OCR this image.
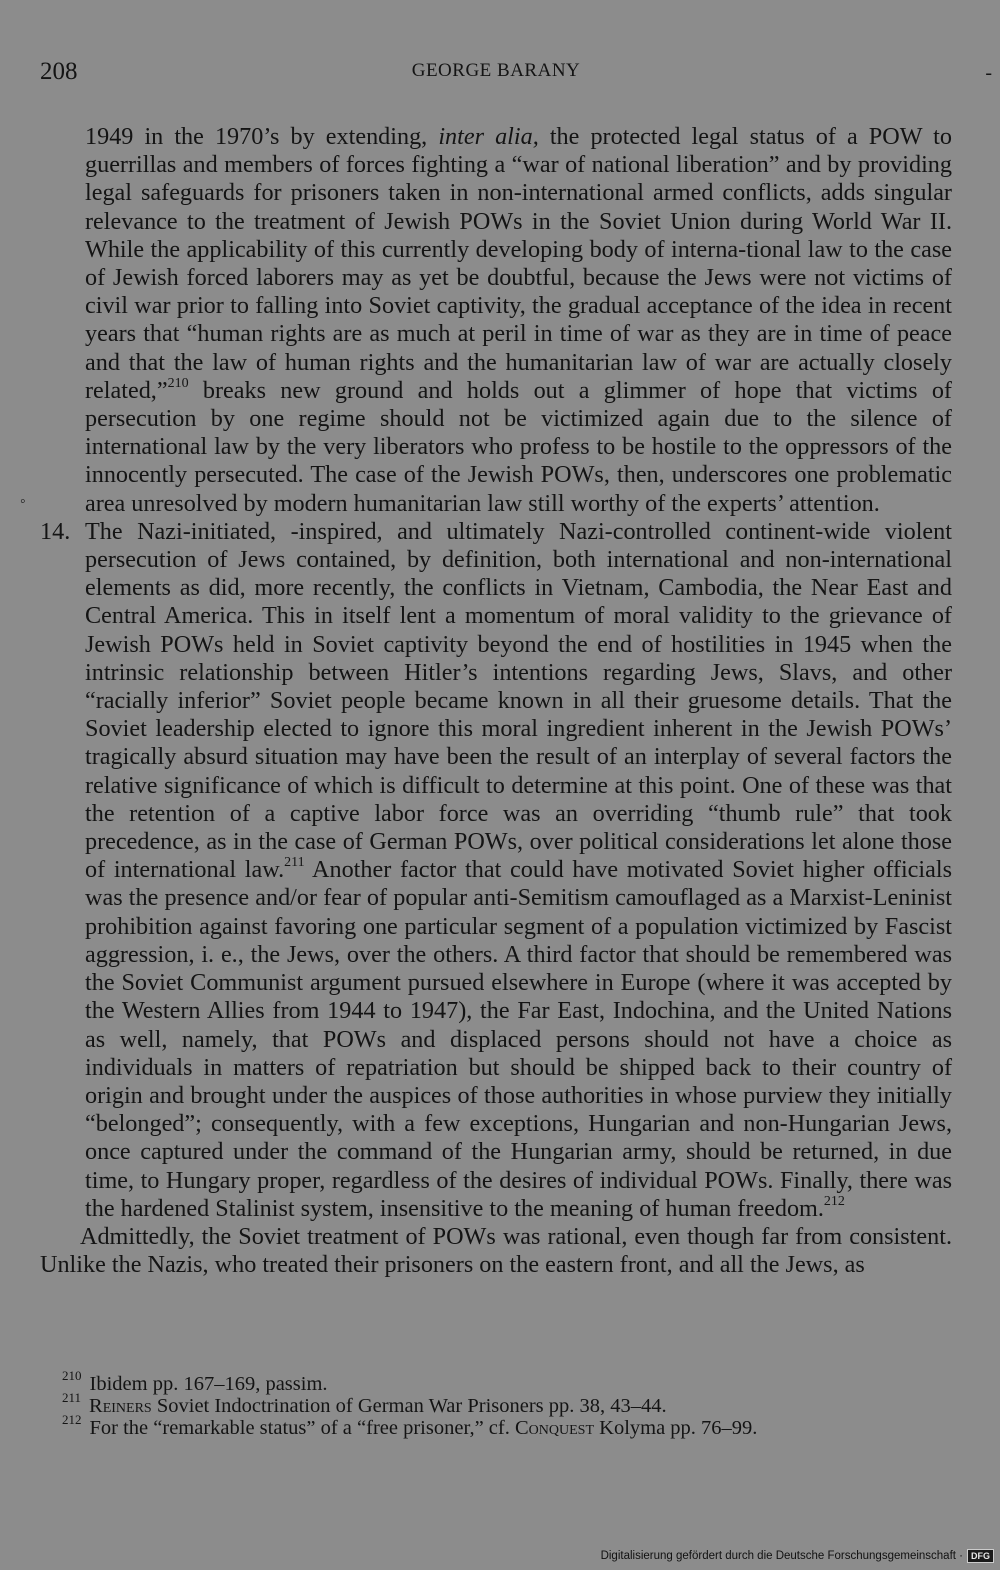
208	GEORGE BARANY	-
◦

1949 in the 1970’s by extending, inter alia, the protected legal status of a POW to guerrillas and members of forces fighting a “war of national liberation” and by providing legal safeguards for prisoners taken in non-international armed conflicts, adds singular relevance to the treatment of Jewish POWs in the Soviet Union during World War II. While the applicability of this currently developing body of interna-tional law to the case of Jewish forced laborers may as yet be doubtful, because the Jews were not victims of civil war prior to falling into Soviet captivity, the gradual acceptance of the idea in recent years that “human rights are as much at peril in time of war as they are in time of peace and that the law of human rights and the humanitarian law of war are actually closely related,”$^{210}$ breaks new ground and holds out a glimmer of hope that victims of persecution by one regime should not be victimized again due to the silence of international law by the very liberators who profess to be hostile to the oppressors of the innocently persecuted. The case of the Jewish POWs, then, underscores one problematic area unresolved by modern humanitarian law still worthy of the experts’ attention.

14. The Nazi-initiated, -inspired, and ultimately Nazi-controlled continent-wide violent persecution of Jews contained, by definition, both international and non-international elements as did, more recently, the conflicts in Vietnam, Cambodia, the Near East and Central America. This in itself lent a momentum of moral validity to the grievance of Jewish POWs held in Soviet captivity beyond the end of hostilities in 1945 when the intrinsic relationship between Hitler’s intentions regarding Jews, Slavs, and other “racially inferior” Soviet people became known in all their gruesome details. That the Soviet leadership elected to ignore this moral ingredient inherent in the Jewish POWs’ tragically absurd situation may have been the result of an interplay of several factors the relative significance of which is difficult to determine at this point. One of these was that the retention of a captive labor force was an overriding “thumb rule” that took precedence, as in the case of German POWs, over political considerations let alone those of international law.$^{211}$ Another factor that could have motivated Soviet higher officials was the presence and/or fear of popular anti-Semitism camouflaged as a Marxist-Leninist prohibition against favoring one particular segment of a population victimized by Fascist aggression, i. e., the Jews, over the others. A third factor that should be remembered was the Soviet Communist argument pursued elsewhere in Europe (where it was accepted by the Western Allies from 1944 to 1947), the Far East, Indochina, and the United Nations as well, namely, that POWs and displaced persons should not have a choice as individuals in matters of repatriation but should be shipped back to their country of origin and brought under the auspices of those authorities in whose purview they initially “belonged”; consequently, with a few exceptions, Hungarian and non-Hungarian Jews, once captured under the command of the Hungarian army, should be returned, in due time, to Hungary proper, regardless of the desires of individual POWs. Finally, there was the hardened Stalinist system, insensitive to the meaning of human freedom.$^{212}$

Admittedly, the Soviet treatment of POWs was rational, even though far from consistent. Unlike the Nazis, who treated their prisoners on the eastern front, and all the Jews, as

$^{210}$ Ibidem pp. 167–169, passim.

$^{211}$ Reiners Soviet Indoctrination of German War Prisoners pp. 38, 43–44.

$^{212}$ For the “remarkable status” of a “free prisoner,” cf. Conquest Kolyma pp. 76–99.

Digitalisierung gefördert durch die Deutsche Forschungsgemeinschaft · DFG
